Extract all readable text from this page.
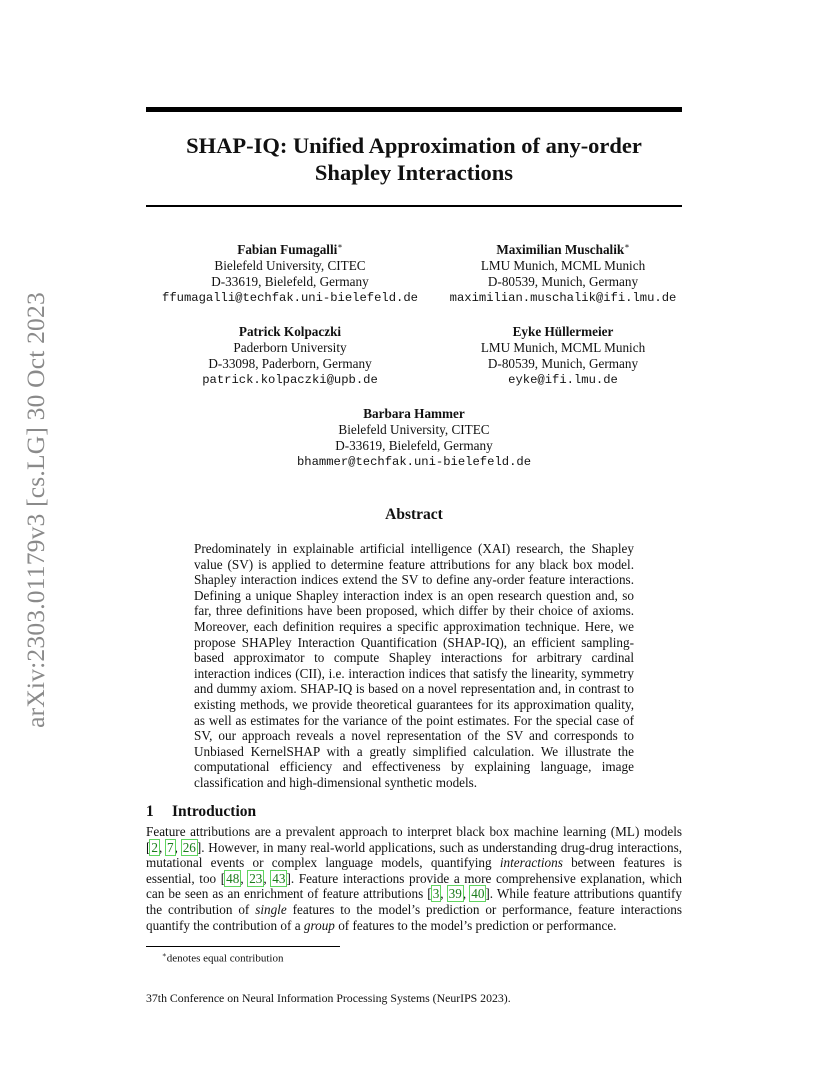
arXiv:2303.01179v3 [cs.LG] 30 Oct 2023
SHAP-IQ: Unified Approximation of any-order
Shapley Interactions
Fabian Fumagalli∗
Bielefeld University, CITEC
D-33619, Bielefeld, Germany
ffumagalli@techfak.uni-bielefeld.de
Maximilian Muschalik∗
LMU Munich, MCML Munich
D-80539, Munich, Germany
maximilian.muschalik@ifi.lmu.de
Patrick Kolpaczki
Paderborn University
D-33098, Paderborn, Germany
patrick.kolpaczki@upb.de
Eyke Hüllermeier
LMU Munich, MCML Munich
D-80539, Munich, Germany
eyke@ifi.lmu.de
Barbara Hammer
Bielefeld University, CITEC
D-33619, Bielefeld, Germany
bhammer@techfak.uni-bielefeld.de
Abstract
Predominately in explainable artificial intelligence (XAI) research, the Shapley value (SV) is applied to determine feature attributions for any black box model. Shapley interaction indices extend the SV to define any-order feature interactions. Defining a unique Shapley interaction index is an open research question and, so far, three definitions have been proposed, which differ by their choice of axioms. Moreover, each definition requires a specific approximation technique. Here, we propose SHAPley Interaction Quantification (SHAP-IQ), an efficient sampling-based approximator to compute Shapley interactions for arbitrary cardinal interaction indices (CII), i.e. interaction indices that satisfy the linearity, symmetry and dummy axiom. SHAP-IQ is based on a novel representation and, in contrast to existing methods, we provide theoretical guarantees for its approximation quality, as well as estimates for the variance of the point estimates. For the special case of SV, our approach reveals a novel representation of the SV and corresponds to Unbiased KernelSHAP with a greatly simplified calculation. We illustrate the computational efficiency and effectiveness by explaining language, image classification and high-dimensional synthetic models.
1 Introduction
Feature attributions are a prevalent approach to interpret black box machine learning (ML) models [2, 7, 26]. However, in many real-world applications, such as understanding drug-drug interactions, mutational events or complex language models, quantifying interactions between features is essential, too [48, 23, 43]. Feature interactions provide a more comprehensive explanation, which can be seen as an enrichment of feature attributions [3, 39, 40]. While feature attributions quantify the contribution of single features to the model’s prediction or performance, feature interactions quantify the contribution of a group of features to the model’s prediction or performance.
∗denotes equal contribution
37th Conference on Neural Information Processing Systems (NeurIPS 2023).
